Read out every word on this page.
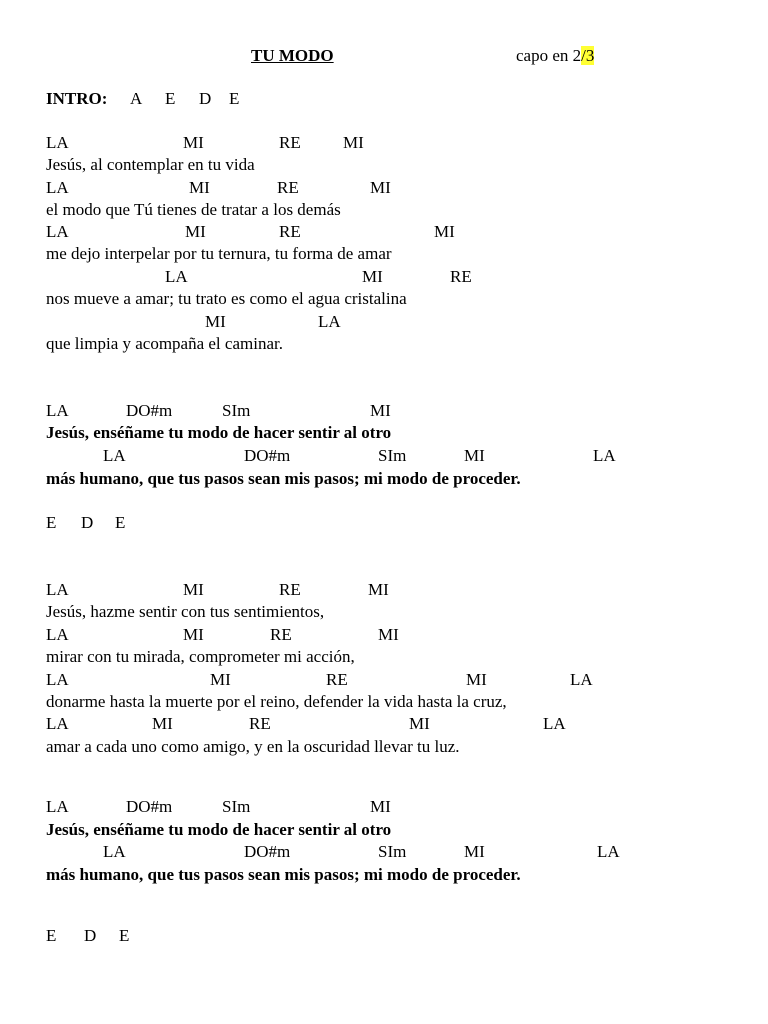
TU MODO	capo en 2/3
INTRO: A E D E
LA	MI	RE MI
Jesús, al contemplar en tu vida
LA	MI	RE	MI
el modo que Tú tienes de tratar a los demás
LA	MI	RE	MI
me dejo interpelar por tu ternura, tu forma de amar
LA	MI	RE
nos mueve a amar; tu trato es como el agua cristalina
MI	LA
que limpia y acompaña el caminar.
LA	DO#m	SIm	MI
Jesús, enséñame tu modo de hacer sentir al otro
LA	DO#m	SIm	MI	LA
más humano, que tus pasos sean mis pasos; mi modo de proceder.
E D E
LA	MI	RE	MI
Jesús, hazme sentir con tus sentimientos,
LA	MI	RE	MI
mirar con tu mirada, comprometer mi acción,
LA	MI	RE	MI	LA
donarme hasta la muerte por el reino, defender la vida hasta la cruz,
LA	MI	RE	MI	LA
amar a cada uno como amigo, y en la oscuridad llevar tu luz.
LA	DO#m	SIm	MI
Jesús, enséñame tu modo de hacer sentir al otro
LA	DO#m	SIm	MI	LA
más humano, que tus pasos sean mis pasos; mi modo de proceder.
E D E
